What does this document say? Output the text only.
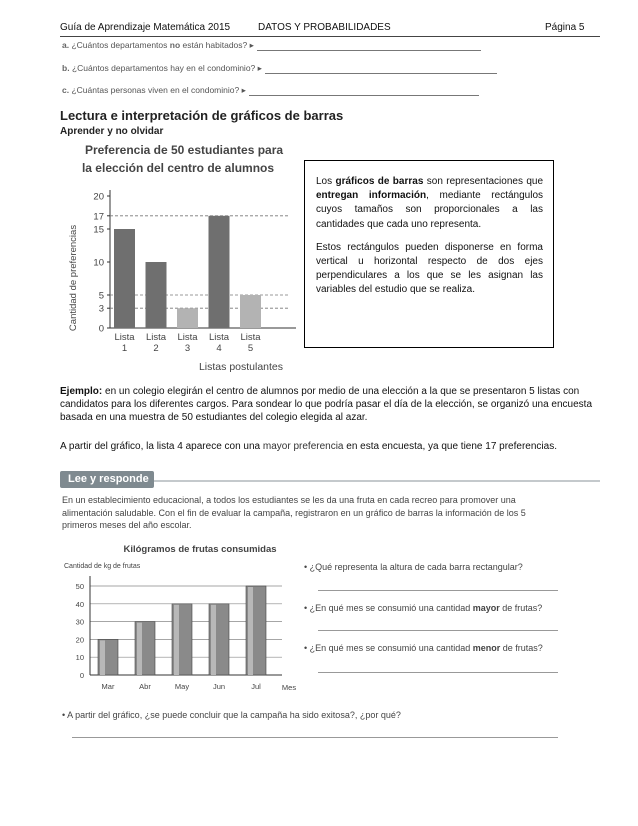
Guía de Aprendizaje Matemática 2015	DATOS Y PROBABILIDADES	Página 5
a. ¿Cuántos departamentos no están habitados? ▸
b. ¿Cuántos departamentos hay en el condominio? ▸
c. ¿Cuántas personas viven en el condominio? ▸
Lectura e interpretación de gráficos de barras
Aprender y no olvidar
Preferencia de 50 estudiantes para
la elección del centro de alumnos
Cantidad de preferencias 0
3
5
10
15
17
20
Lista
1
Lista
2
Lista
3
Lista
4
Lista
5
Listas postulantes

Los gráficos de barras son representaciones que entregan información, mediante rectángulos cuyos tamaños son proporcionales a las cantidades que cada uno representa.

Estos rectángulos pueden disponerse en forma vertical u horizontal respecto de dos ejes perpendiculares a los que se les asignan las variables del estudio que se realiza.

Ejemplo: en un colegio elegirán el centro de alumnos por medio de una elección a la que se presentaron 5 listas con candidatos para los diferentes cargos. Para sondear lo que podría pasar el día de la elección, se organizó una encuesta basada en una muestra de 50 estudiantes del colegio elegida al azar.
A partir del gráfico, la lista 4 aparece con una mayor preferencia en esta encuesta, ya que tiene 17 preferencias.
Lee y responde
En un establecimiento educacional, a todos los estudiantes se les da una fruta en cada recreo para promover una alimentación saludable. Con el fin de evaluar la campaña, registraron en un gráfico de barras la información de los 5 primeros meses del año escolar.
Kilógramos de frutas consumidas
Cantidad de kg de frutas
0
10
20
30
40
50
Mar	Abr	May	Jun	Jul	Mes
• ¿Qué representa la altura de cada barra rectangular?
• ¿En qué mes se consumió una cantidad mayor de frutas?
• ¿En qué mes se consumió una cantidad menor de frutas?
• A partir del gráfico, ¿se puede concluir que la campaña ha sido exitosa?, ¿por qué?
